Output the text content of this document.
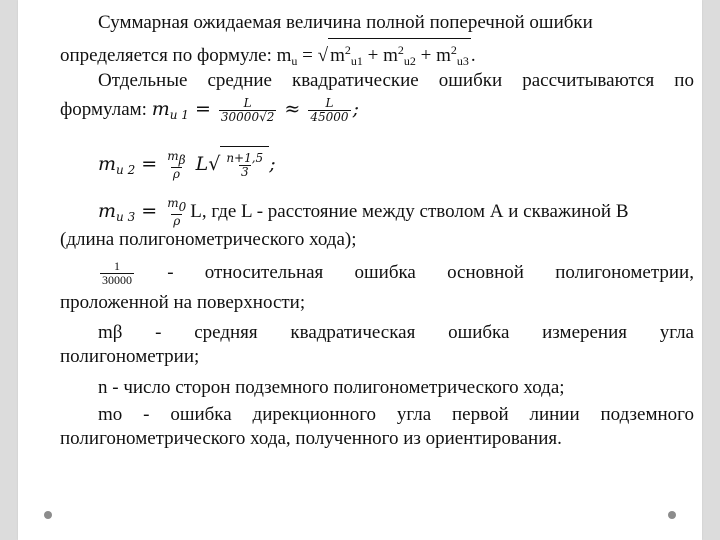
Суммарная ожидаемая величина полной поперечной ошибки
определяется по формуле: $m_u$ = √ $m^2_{u1} + m^2_{u2} + m^2_{u3}$ .
Отдельные средние квадратические ошибки рассчитываются по
формулам: $m_{u 1} = \frac{L}{30000√2} \approx \frac{L}{45000}$ ;
$m_{u 2} = \frac{m\beta}{\rho} L√ \frac{n+1,5}{3}$ ;
$m_{u 3} = \frac{m0}{\rho} L$, где L - расстояние между стволом А и скважиной В
(длина полигонометрического хода);
$\frac{1}{30000}$ - относительная ошибка основной полигонометрии,
проложенной на поверхности;
mβ - средняя квадратическая ошибка измерения угла
полигонометрии;
n - число сторон подземного полигонометрического хода;
mo - ошибка дирекционного угла первой линии подземного
полигонометрического хода, полученного из ориентирования.
